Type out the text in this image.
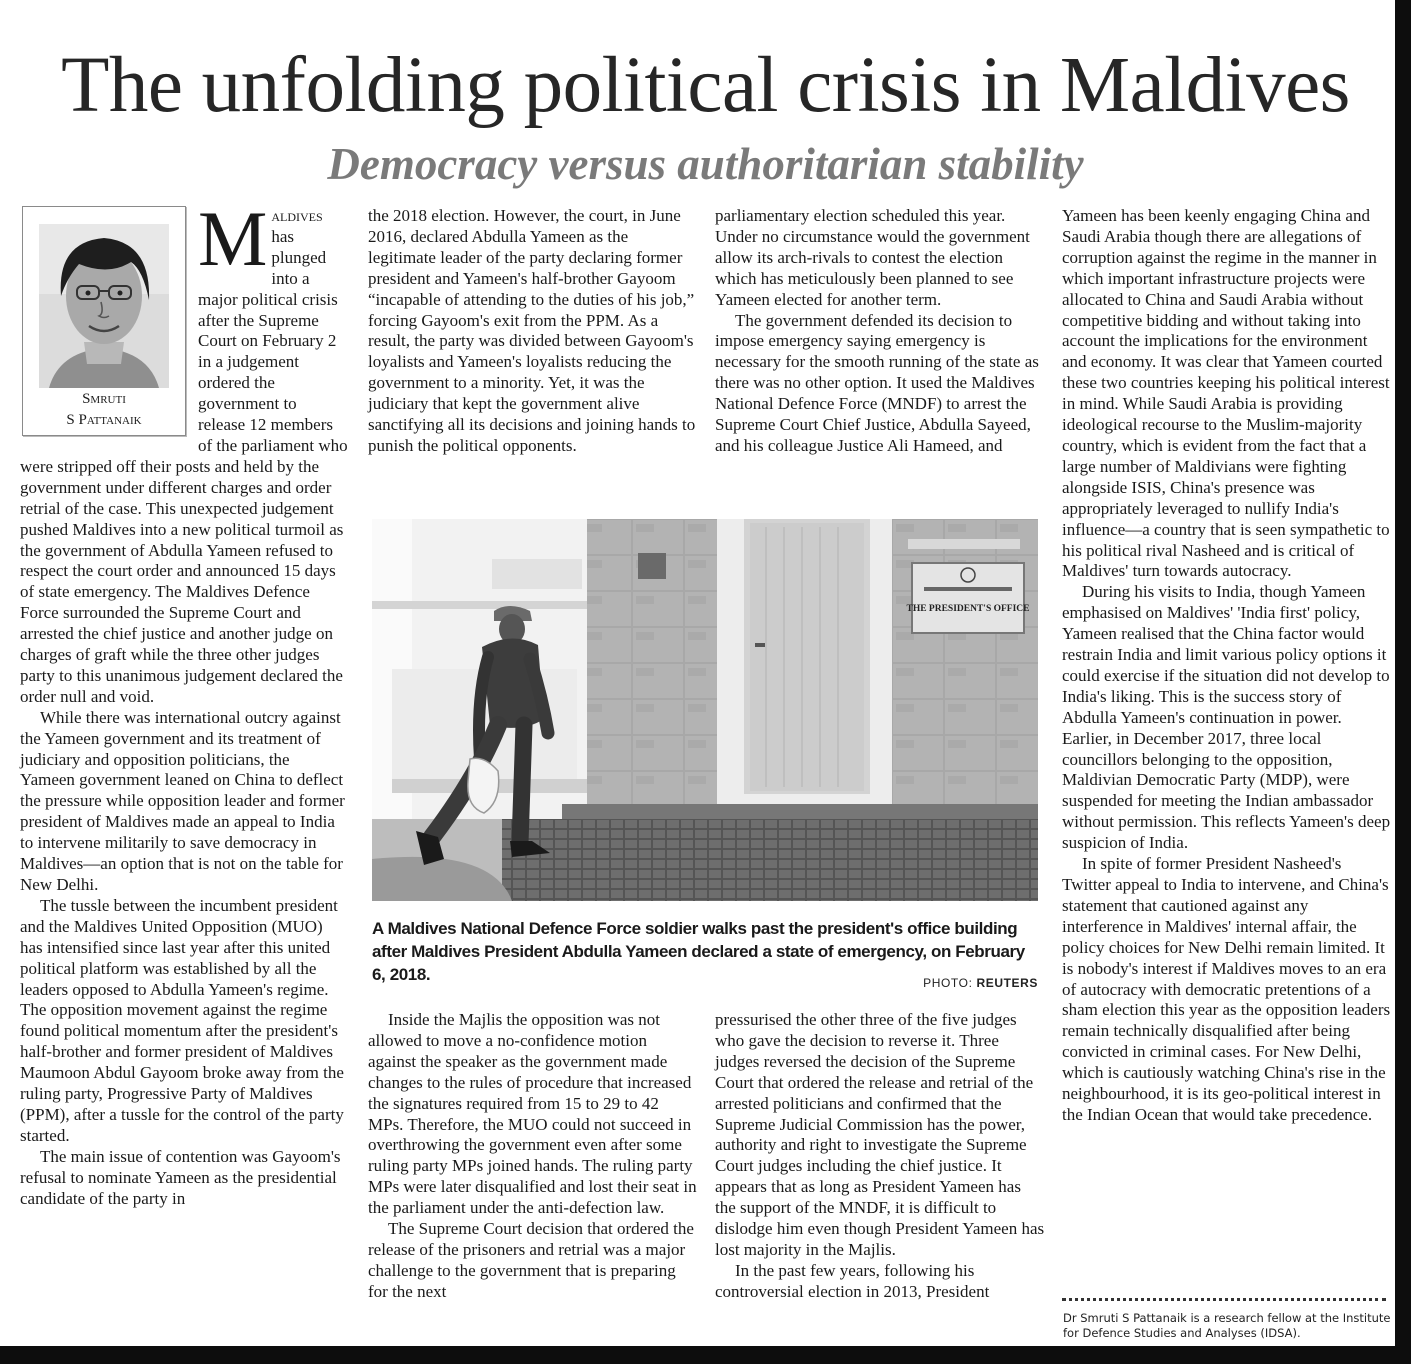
The unfolding political crisis in Maldives
Democracy versus authoritarian stability
Smruti
S Pattanaik

Maldives has plunged into a major political crisis after the Supreme Court on February 2 in a judgement ordered the government to release 12 members of the parliament who were stripped off their posts and held by the government under different charges and order retrial of the case. This unexpected judgement pushed Maldives into a new political turmoil as the government of Abdulla Yameen refused to respect the court order and announced 15 days of state emergency. The Maldives Defence Force surrounded the Supreme Court and arrested the chief justice and another judge on charges of graft while the three other judges party to this unanimous judgement declared the order null and void.

While there was international outcry against the Yameen government and its treatment of judiciary and opposition politicians, the Yameen government leaned on China to deflect the pressure while opposition leader and former president of Maldives made an appeal to India to intervene militarily to save democracy in Maldives—an option that is not on the table for New Delhi.

The tussle between the incumbent president and the Maldives United Opposition (MUO) has intensified since last year after this united political platform was established by all the leaders opposed to Abdulla Yameen's regime. The opposition movement against the regime found political momentum after the president's half-brother and former president of Maldives Maumoon Abdul Gayoom broke away from the ruling party, Progressive Party of Maldives (PPM), after a tussle for the control of the party started.

The main issue of contention was Gayoom's refusal to nominate Yameen as the presidential candidate of the party in

the 2018 election. However, the court, in June 2016, declared Abdulla Yameen as the legitimate leader of the party declaring former president and Yameen's half-brother Gayoom “incapable of attending to the duties of his job,” forcing Gayoom's exit from the PPM. As a result, the party was divided between Gayoom's loyalists and Yameen's loyalists reducing the government to a minority. Yet, it was the judiciary that kept the government alive sanctifying all its decisions and joining hands to punish the political opponents.

parliamentary election scheduled this year. Under no circumstance would the government allow its arch-rivals to contest the election which has meticulously been planned to see Yameen elected for another term.

The government defended its decision to impose emergency saying emergency is necessary for the smooth running of the state as there was no other option. It used the Maldives National Defence Force (MNDF) to arrest the Supreme Court Chief Justice, Abdulla Sayeed, and his colleague Justice Ali Hameed, and

THE PRESIDENT'S OFFICE
A Maldives National Defence Force soldier walks past the president's office building after Maldives President Abdulla Yameen declared a state of emergency, on February 6, 2018.	PHOTO: REUTERS

Inside the Majlis the opposition was not allowed to move a no-confidence motion against the speaker as the government made changes to the rules of procedure that increased the signatures required from 15 to 29 to 42 MPs. Therefore, the MUO could not succeed in overthrowing the government even after some ruling party MPs joined hands. The ruling party MPs were later disqualified and lost their seat in the parliament under the anti-defection law.

The Supreme Court decision that ordered the release of the prisoners and retrial was a major challenge to the government that is preparing for the next

pressurised the other three of the five judges who gave the decision to reverse it. Three judges reversed the decision of the Supreme Court that ordered the release and retrial of the arrested politicians and confirmed that the Supreme Judicial Commission has the power, authority and right to investigate the Supreme Court judges including the chief justice. It appears that as long as President Yameen has the support of the MNDF, it is difficult to dislodge him even though President Yameen has lost majority in the Majlis.

In the past few years, following his controversial election in 2013, President

Yameen has been keenly engaging China and Saudi Arabia though there are allegations of corruption against the regime in the manner in which important infrastructure projects were allocated to China and Saudi Arabia without competitive bidding and without taking into account the implications for the environment and economy. It was clear that Yameen courted these two countries keeping his political interest in mind. While Saudi Arabia is providing ideological recourse to the Muslim-majority country, which is evident from the fact that a large number of Maldivians were fighting alongside ISIS, China's presence was appropriately leveraged to nullify India's influence—a country that is seen sympathetic to his political rival Nasheed and is critical of Maldives' turn towards autocracy.

During his visits to India, though Yameen emphasised on Maldives' 'India first' policy, Yameen realised that the China factor would restrain India and limit various policy options it could exercise if the situation did not develop to India's liking. This is the success story of Abdulla Yameen's continuation in power. Earlier, in December 2017, three local councillors belonging to the opposition, Maldivian Democratic Party (MDP), were suspended for meeting the Indian ambassador without permission. This reflects Yameen's deep suspicion of India.

In spite of former President Nasheed's Twitter appeal to India to intervene, and China's statement that cautioned against any interference in Maldives' internal affair, the policy choices for New Delhi remain limited. It is nobody's interest if Maldives moves to an era of autocracy with democratic pretentions of a sham election this year as the opposition leaders remain technically disqualified after being convicted in criminal cases. For New Delhi, which is cautiously watching China's rise in the neighbourhood, it is its geo-political interest in the Indian Ocean that would take precedence.

Dr Smruti S Pattanaik is a research fellow at the Institute for Defence Studies and Analyses (IDSA).
